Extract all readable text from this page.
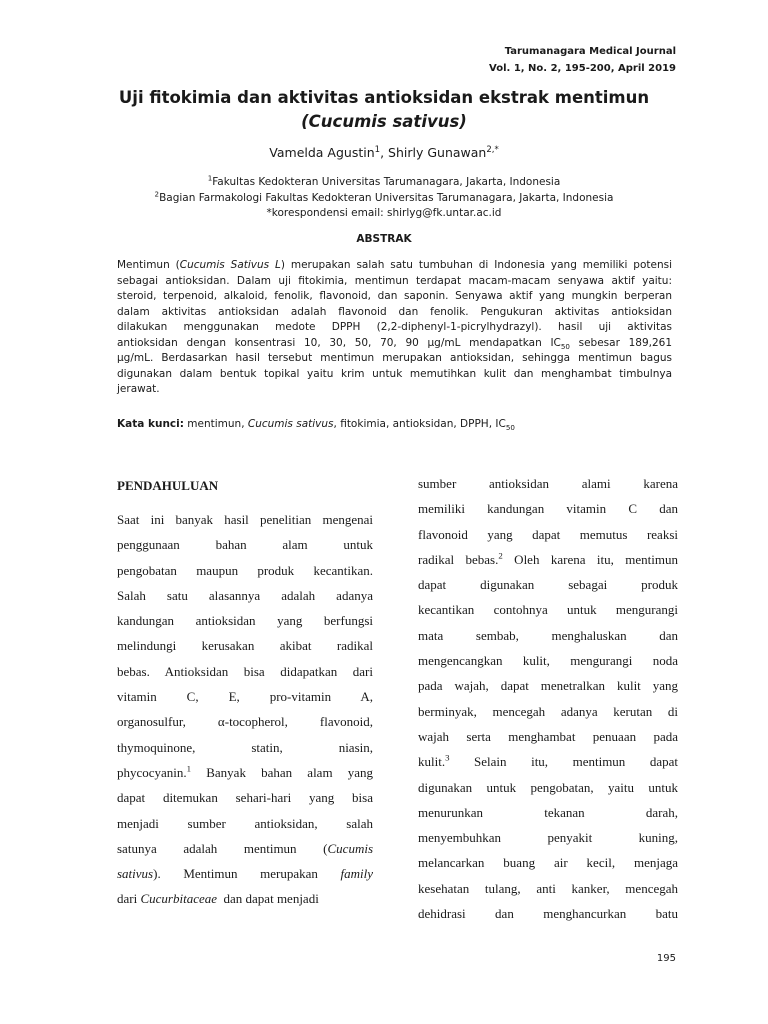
Tarumanagara Medical Journal
Vol. 1, No. 2, 195-200, April 2019
Uji fitokimia dan aktivitas antioksidan ekstrak mentimun
(Cucumis sativus)
Vamelda Agustin$^1$, Shirly Gunawan$^{2,*}$
$^1$Fakultas Kedokteran Universitas Tarumanagara, Jakarta, Indonesia
$^2$Bagian Farmakologi Fakultas Kedokteran Universitas Tarumanagara, Jakarta, Indonesia
*korespondensi email: shirlyg@fk.untar.ac.id
ABSTRAK
Mentimun (Cucumis Sativus L) merupakan salah satu tumbuhan di Indonesia yang memiliki potensi
sebagai antioksidan. Dalam uji fitokimia, mentimun terdapat macam-macam senyawa aktif yaitu:
steroid, terpenoid, alkaloid, fenolik, flavonoid, dan saponin. Senyawa aktif yang mungkin berperan
dalam aktivitas antioksidan adalah flavonoid dan fenolik. Pengukuran aktivitas antioksidan
dilakukan menggunakan medote DPPH (2,2-diphenyl-1-picrylhydrazyl). hasil uji aktivitas
antioksidan dengan konsentrasi 10, 30, 50, 70, 90 µg/mL mendapatkan $IC_{50}$ sebesar 189,261
µg/mL. Berdasarkan hasil tersebut mentimun merupakan antioksidan, sehingga mentimun bagus
digunakan dalam bentuk topikal yaitu krim untuk memutihkan kulit dan menghambat timbulnya
jerawat.
Kata kunci: mentimun, Cucumis sativus, fitokimia, antioksidan, DPPH, $IC_{50}$
PENDAHULUAN
Saat ini banyak hasil penelitian mengenai
penggunaan bahan alam untuk
pengobatan maupun produk kecantikan.
Salah satu alasannya adalah adanya
kandungan antioksidan yang berfungsi
melindungi kerusakan akibat radikal
bebas. Antioksidan bisa didapatkan dari
vitamin C, E, pro-vitamin A,
organosulfur, α-tocopherol, flavonoid,
thymoquinone, statin, niasin,
phycocyanin.$^1$ Banyak bahan alam yang
dapat ditemukan sehari-hari yang bisa
menjadi sumber antioksidan, salah
satunya adalah mentimun (Cucumis
sativus). Mentimun merupakan family
dari Cucurbitaceae  dan dapat menjadi
sumber antioksidan alami karena
memiliki kandungan vitamin C dan
flavonoid yang dapat memutus reaksi
radikal bebas.$^2$ Oleh karena itu, mentimun
dapat digunakan sebagai produk
kecantikan contohnya untuk mengurangi
mata sembab, menghaluskan dan
mengencangkan kulit, mengurangi noda
pada wajah, dapat menetralkan kulit yang
berminyak, mencegah adanya kerutan di
wajah serta menghambat penuaan pada
kulit.$^3$ Selain itu, mentimun dapat
digunakan untuk pengobatan, yaitu untuk
menurunkan tekanan darah,
menyembuhkan penyakit kuning,
melancarkan buang air kecil, menjaga
kesehatan tulang, anti kanker, mencegah
dehidrasi dan menghancurkan batu
195
